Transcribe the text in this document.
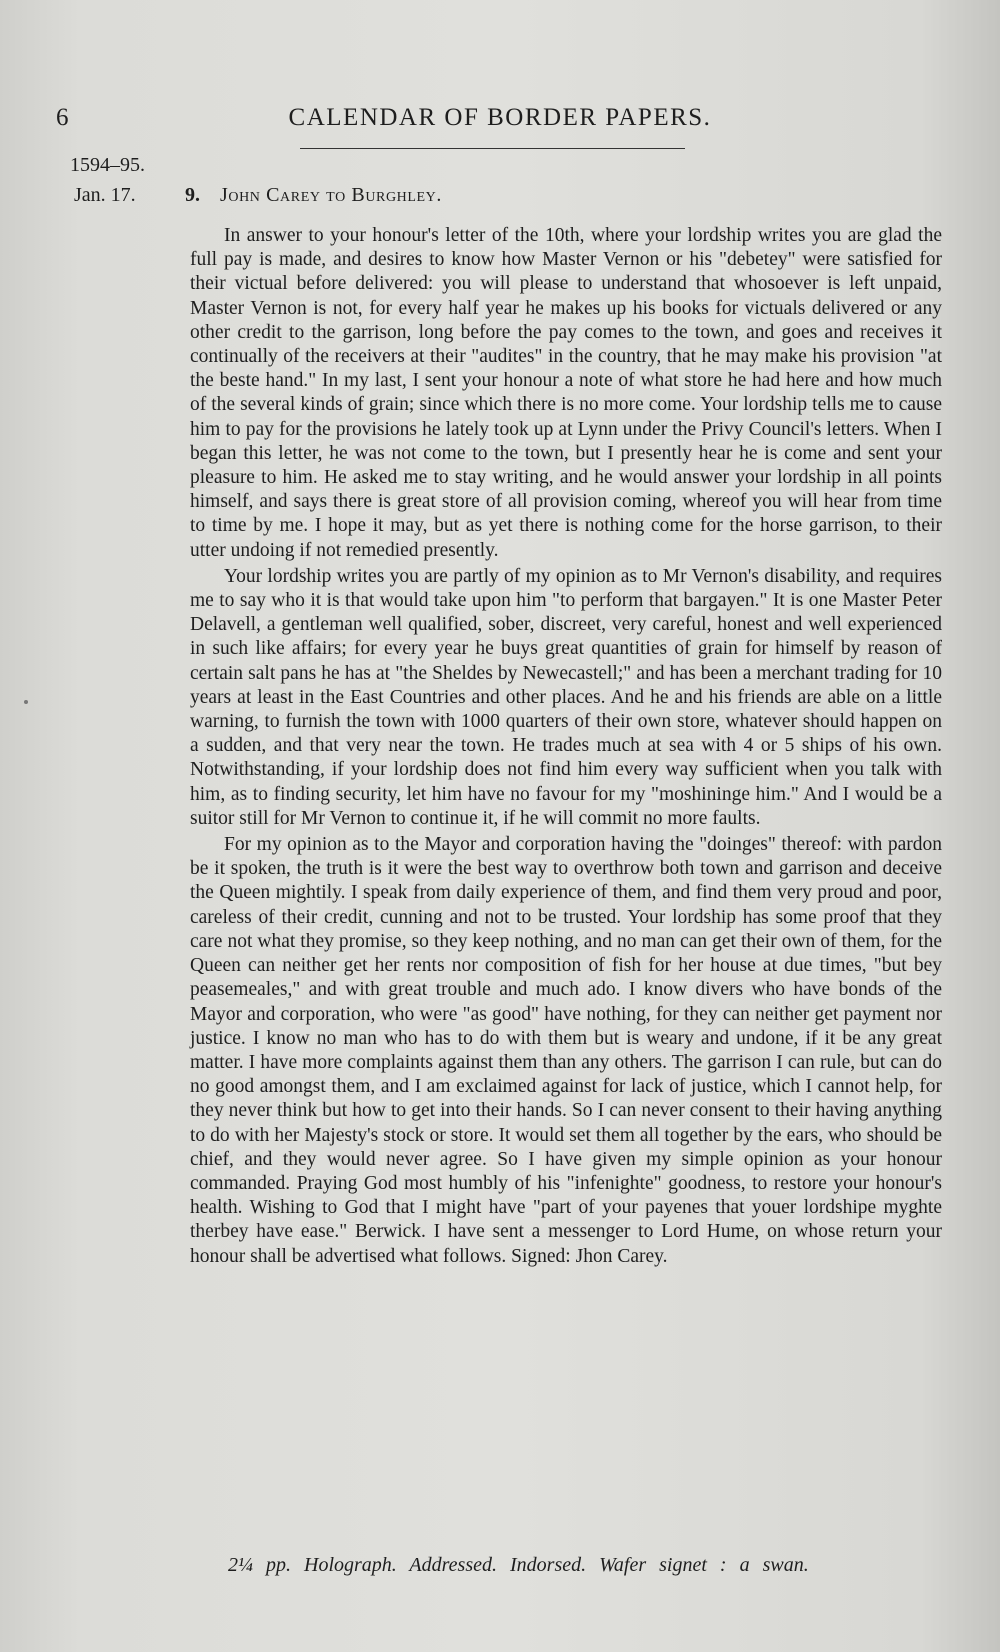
6	CALENDAR OF BORDER PAPERS.
1594–95.
Jan. 17. 9. John Carey to Burghley.

In answer to your honour's letter of the 10th, where your lordship writes you are glad the full pay is made, and desires to know how Master Vernon or his "debetey" were satisfied for their victual before delivered: you will please to understand that whosoever is left unpaid, Master Vernon is not, for every half year he makes up his books for victuals delivered or any other credit to the garrison, long before the pay comes to the town, and goes and receives it continually of the receivers at their "audites" in the country, that he may make his provision "at the beste hand." In my last, I sent your honour a note of what store he had here and how much of the several kinds of grain; since which there is no more come. Your lordship tells me to cause him to pay for the provisions he lately took up at Lynn under the Privy Council's letters. When I began this letter, he was not come to the town, but I presently hear he is come and sent your pleasure to him. He asked me to stay writing, and he would answer your lordship in all points himself, and says there is great store of all provision coming, whereof you will hear from time to time by me. I hope it may, but as yet there is nothing come for the horse garrison, to their utter undoing if not remedied presently.

Your lordship writes you are partly of my opinion as to Mr Vernon's disability, and requires me to say who it is that would take upon him "to perform that bargayen." It is one Master Peter Delavell, a gentleman well qualified, sober, discreet, very careful, honest and well experienced in such like affairs; for every year he buys great quantities of grain for himself by reason of certain salt pans he has at "the Sheldes by Newecastell;" and has been a merchant trading for 10 years at least in the East Countries and other places. And he and his friends are able on a little warning, to furnish the town with 1000 quarters of their own store, whatever should happen on a sudden, and that very near the town. He trades much at sea with 4 or 5 ships of his own. Notwithstanding, if your lordship does not find him every way sufficient when you talk with him, as to finding security, let him have no favour for my "moshininge him." And I would be a suitor still for Mr Vernon to continue it, if he will commit no more faults.

For my opinion as to the Mayor and corporation having the "doinges" thereof: with pardon be it spoken, the truth is it were the best way to overthrow both town and garrison and deceive the Queen mightily. I speak from daily experience of them, and find them very proud and poor, careless of their credit, cunning and not to be trusted. Your lordship has some proof that they care not what they promise, so they keep nothing, and no man can get their own of them, for the Queen can neither get her rents nor composition of fish for her house at due times, "but bey peasemeales," and with great trouble and much ado. I know divers who have bonds of the Mayor and corporation, who were "as good" have nothing, for they can neither get payment nor justice. I know no man who has to do with them but is weary and undone, if it be any great matter. I have more complaints against them than any others. The garrison I can rule, but can do no good amongst them, and I am exclaimed against for lack of justice, which I cannot help, for they never think but how to get into their hands. So I can never consent to their having anything to do with her Majesty's stock or store. It would set them all together by the ears, who should be chief, and they would never agree. So I have given my simple opinion as your honour commanded. Praying God most humbly of his "infenighte" goodness, to restore your honour's health. Wishing to God that I might have "part of your payenes that youer lordshipe myghte therbey have ease." Berwick. I have sent a messenger to Lord Hume, on whose return your honour shall be advertised what follows. Signed: Jhon Carey.

2¼ pp. Holograph. Addressed. Indorsed. Wafer signet : a swan.
